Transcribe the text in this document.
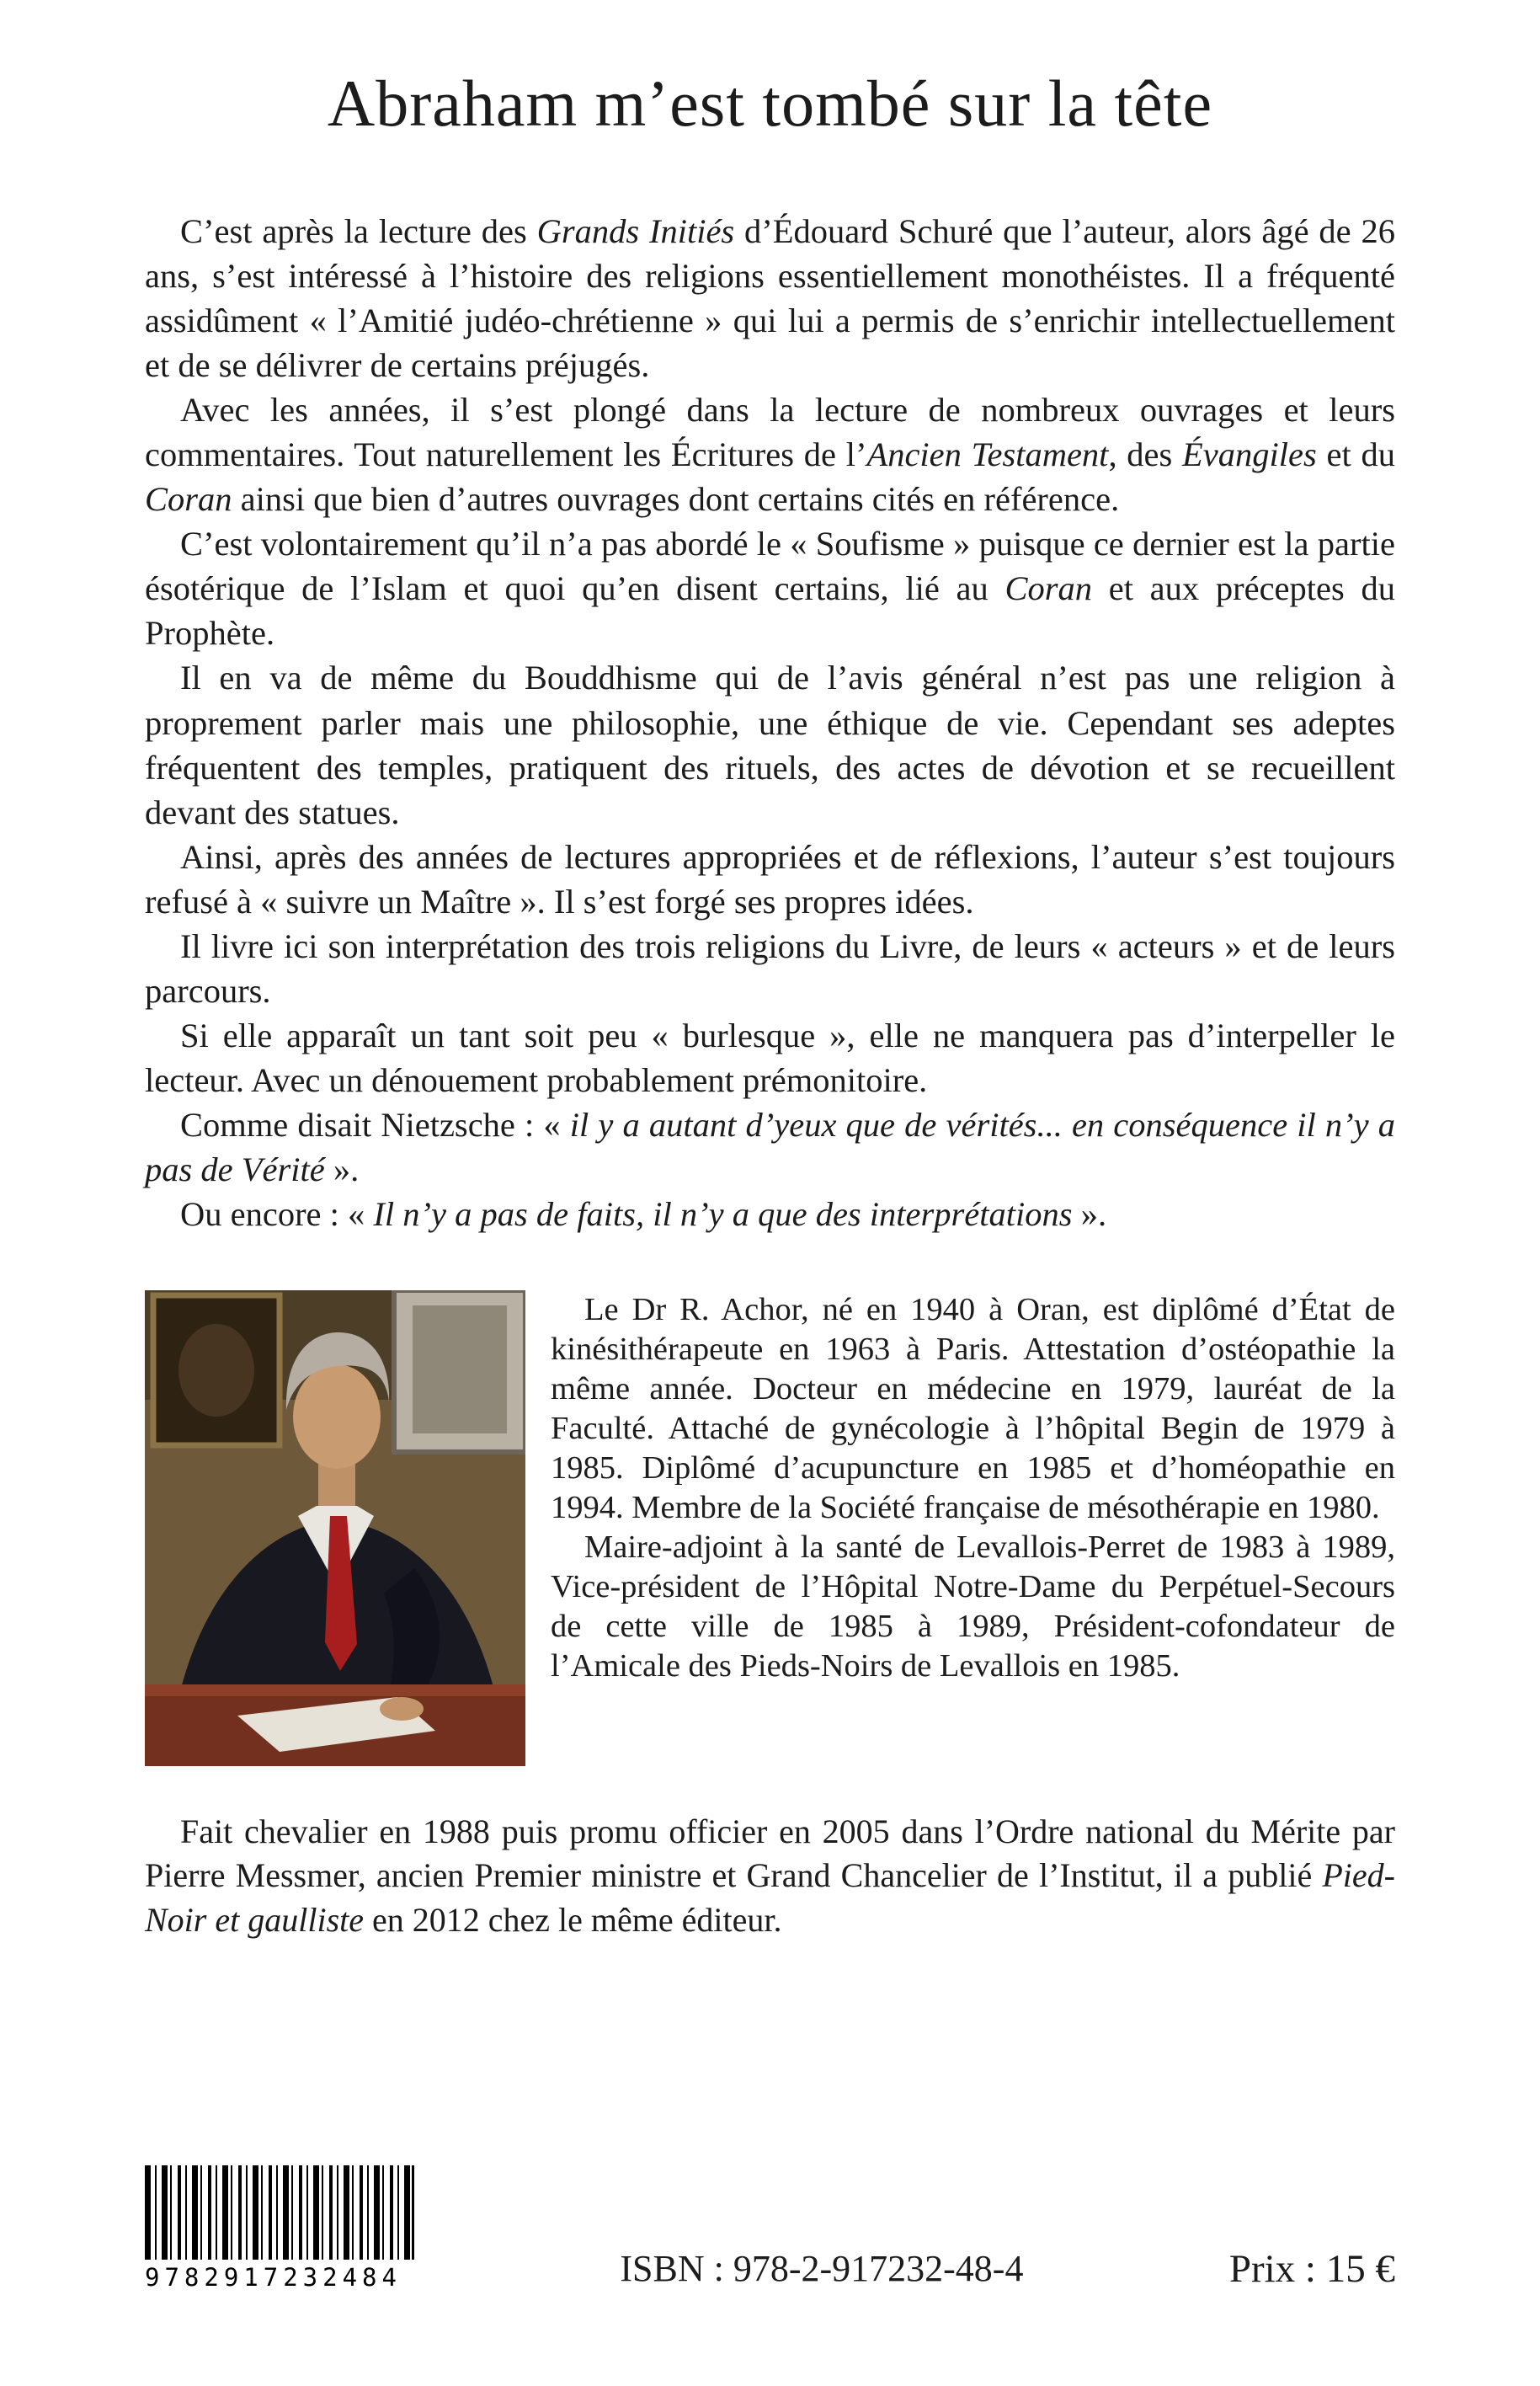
Abraham m’est tombé sur la tête

C’est après la lecture des Grands Initiés d’Édouard Schuré que l’auteur, alors âgé de 26 ans, s’est intéressé à l’histoire des religions essentiellement monothéistes. Il a fréquenté assidûment « l’Amitié judéo-chrétienne » qui lui a permis de s’enrichir intellectuellement et de se délivrer de certains préjugés.

Avec les années, il s’est plongé dans la lecture de nombreux ouvrages et leurs commentaires. Tout naturellement les Écritures de l’Ancien Testament, des Évangiles et du Coran ainsi que bien d’autres ouvrages dont certains cités en référence.

C’est volontairement qu’il n’a pas abordé le « Soufisme » puisque ce dernier est la partie ésotérique de l’Islam et quoi qu’en disent certains, lié au Coran et aux préceptes du Prophète.

Il en va de même du Bouddhisme qui de l’avis général n’est pas une religion à proprement parler mais une philosophie, une éthique de vie. Cependant ses adeptes fréquentent des temples, pratiquent des rituels, des actes de dévotion et se recueillent devant des statues.

Ainsi, après des années de lectures appropriées et de réflexions, l’auteur s’est toujours refusé à « suivre un Maître ». Il s’est forgé ses propres idées.

Il livre ici son interprétation des trois religions du Livre, de leurs « acteurs » et de leurs parcours.

Si elle apparaît un tant soit peu « burlesque », elle ne manquera pas d’interpeller le lecteur. Avec un dénouement probablement prémonitoire.

Comme disait Nietzsche : « il y a autant d’yeux que de vérités... en conséquence il n’y a pas de Vérité ».

Ou encore : « Il n’y a pas de faits, il n’y a que des interprétations ».

Le Dr R. Achor, né en 1940 à Oran, est diplômé d’État de kinésithérapeute en 1963 à Paris. Attestation d’ostéopathie la même année. Docteur en médecine en 1979, lauréat de la Faculté. Attaché de gynécologie à l’hôpital Begin de 1979 à 1985. Diplômé d’acupuncture en 1985 et d’homéopathie en 1994. Membre de la Société française de mésothérapie en 1980.

Maire-adjoint à la santé de Levallois-Perret de 1983 à 1989, Vice-président de l’Hôpital Notre-Dame du Perpétuel-Secours de cette ville de 1985 à 1989, Président-cofondateur de l’Amicale des Pieds-Noirs de Levallois en 1985.

Fait chevalier en 1988 puis promu officier en 2005 dans l’Ordre national du Mérite par Pierre Messmer, ancien Premier ministre et Grand Chancelier de l’Institut, il a publié Pied-Noir et gaulliste en 2012 chez le même éditeur.

9782917232484	ISBN : 978-2-917232-48-4	Prix : 15 €
